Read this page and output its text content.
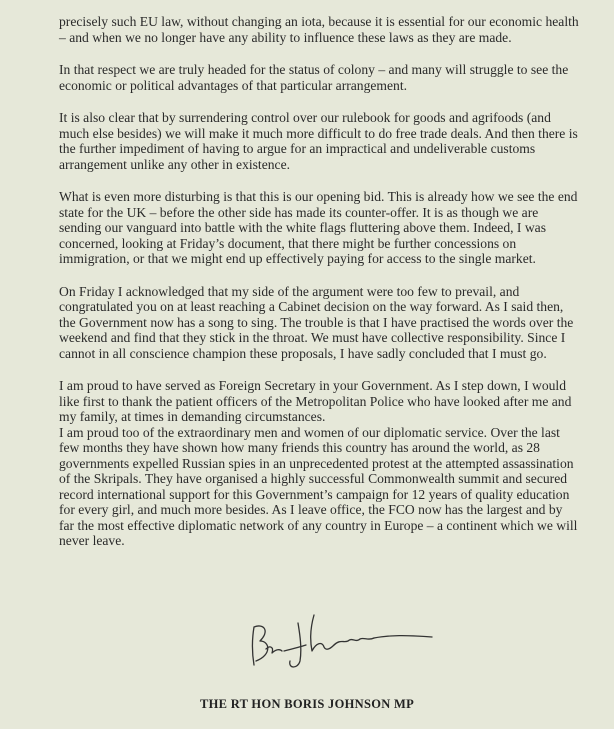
precisely such EU law, without changing an iota, because it is essential for our economic health – and when we no longer have any ability to influence these laws as they are made.

In that respect we are truly headed for the status of colony – and many will struggle to see the economic or political advantages of that particular arrangement.

It is also clear that by surrendering control over our rulebook for goods and agrifoods (and much else besides) we will make it much more difficult to do free trade deals. And then there is the further impediment of having to argue for an impractical and undeliverable customs arrangement unlike any other in existence.

What is even more disturbing is that this is our opening bid. This is already how we see the end state for the UK – before the other side has made its counter-offer. It is as though we are sending our vanguard into battle with the white flags fluttering above them. Indeed, I was concerned, looking at Friday’s document, that there might be further concessions on immigration, or that we might end up effectively paying for access to the single market.

On Friday I acknowledged that my side of the argument were too few to prevail, and congratulated you on at least reaching a Cabinet decision on the way forward. As I said then, the Government now has a song to sing. The trouble is that I have practised the words over the weekend and find that they stick in the throat. We must have collective responsibility. Since I cannot in all conscience champion these proposals, I have sadly concluded that I must go.

I am proud to have served as Foreign Secretary in your Government. As I step down, I would like first to thank the patient officers of the Metropolitan Police who have looked after me and my family, at times in demanding circumstances.

I am proud too of the extraordinary men and women of our diplomatic service. Over the last few months they have shown how many friends this country has around the world, as 28 governments expelled Russian spies in an unprecedented protest at the attempted assassination of the Skripals. They have organised a highly successful Commonwealth summit and secured record international support for this Government’s campaign for 12 years of quality education for every girl, and much more besides. As I leave office, the FCO now has the largest and by far the most effective diplomatic network of any country in Europe – a continent which we will never leave.

THE RT HON BORIS JOHNSON MP
